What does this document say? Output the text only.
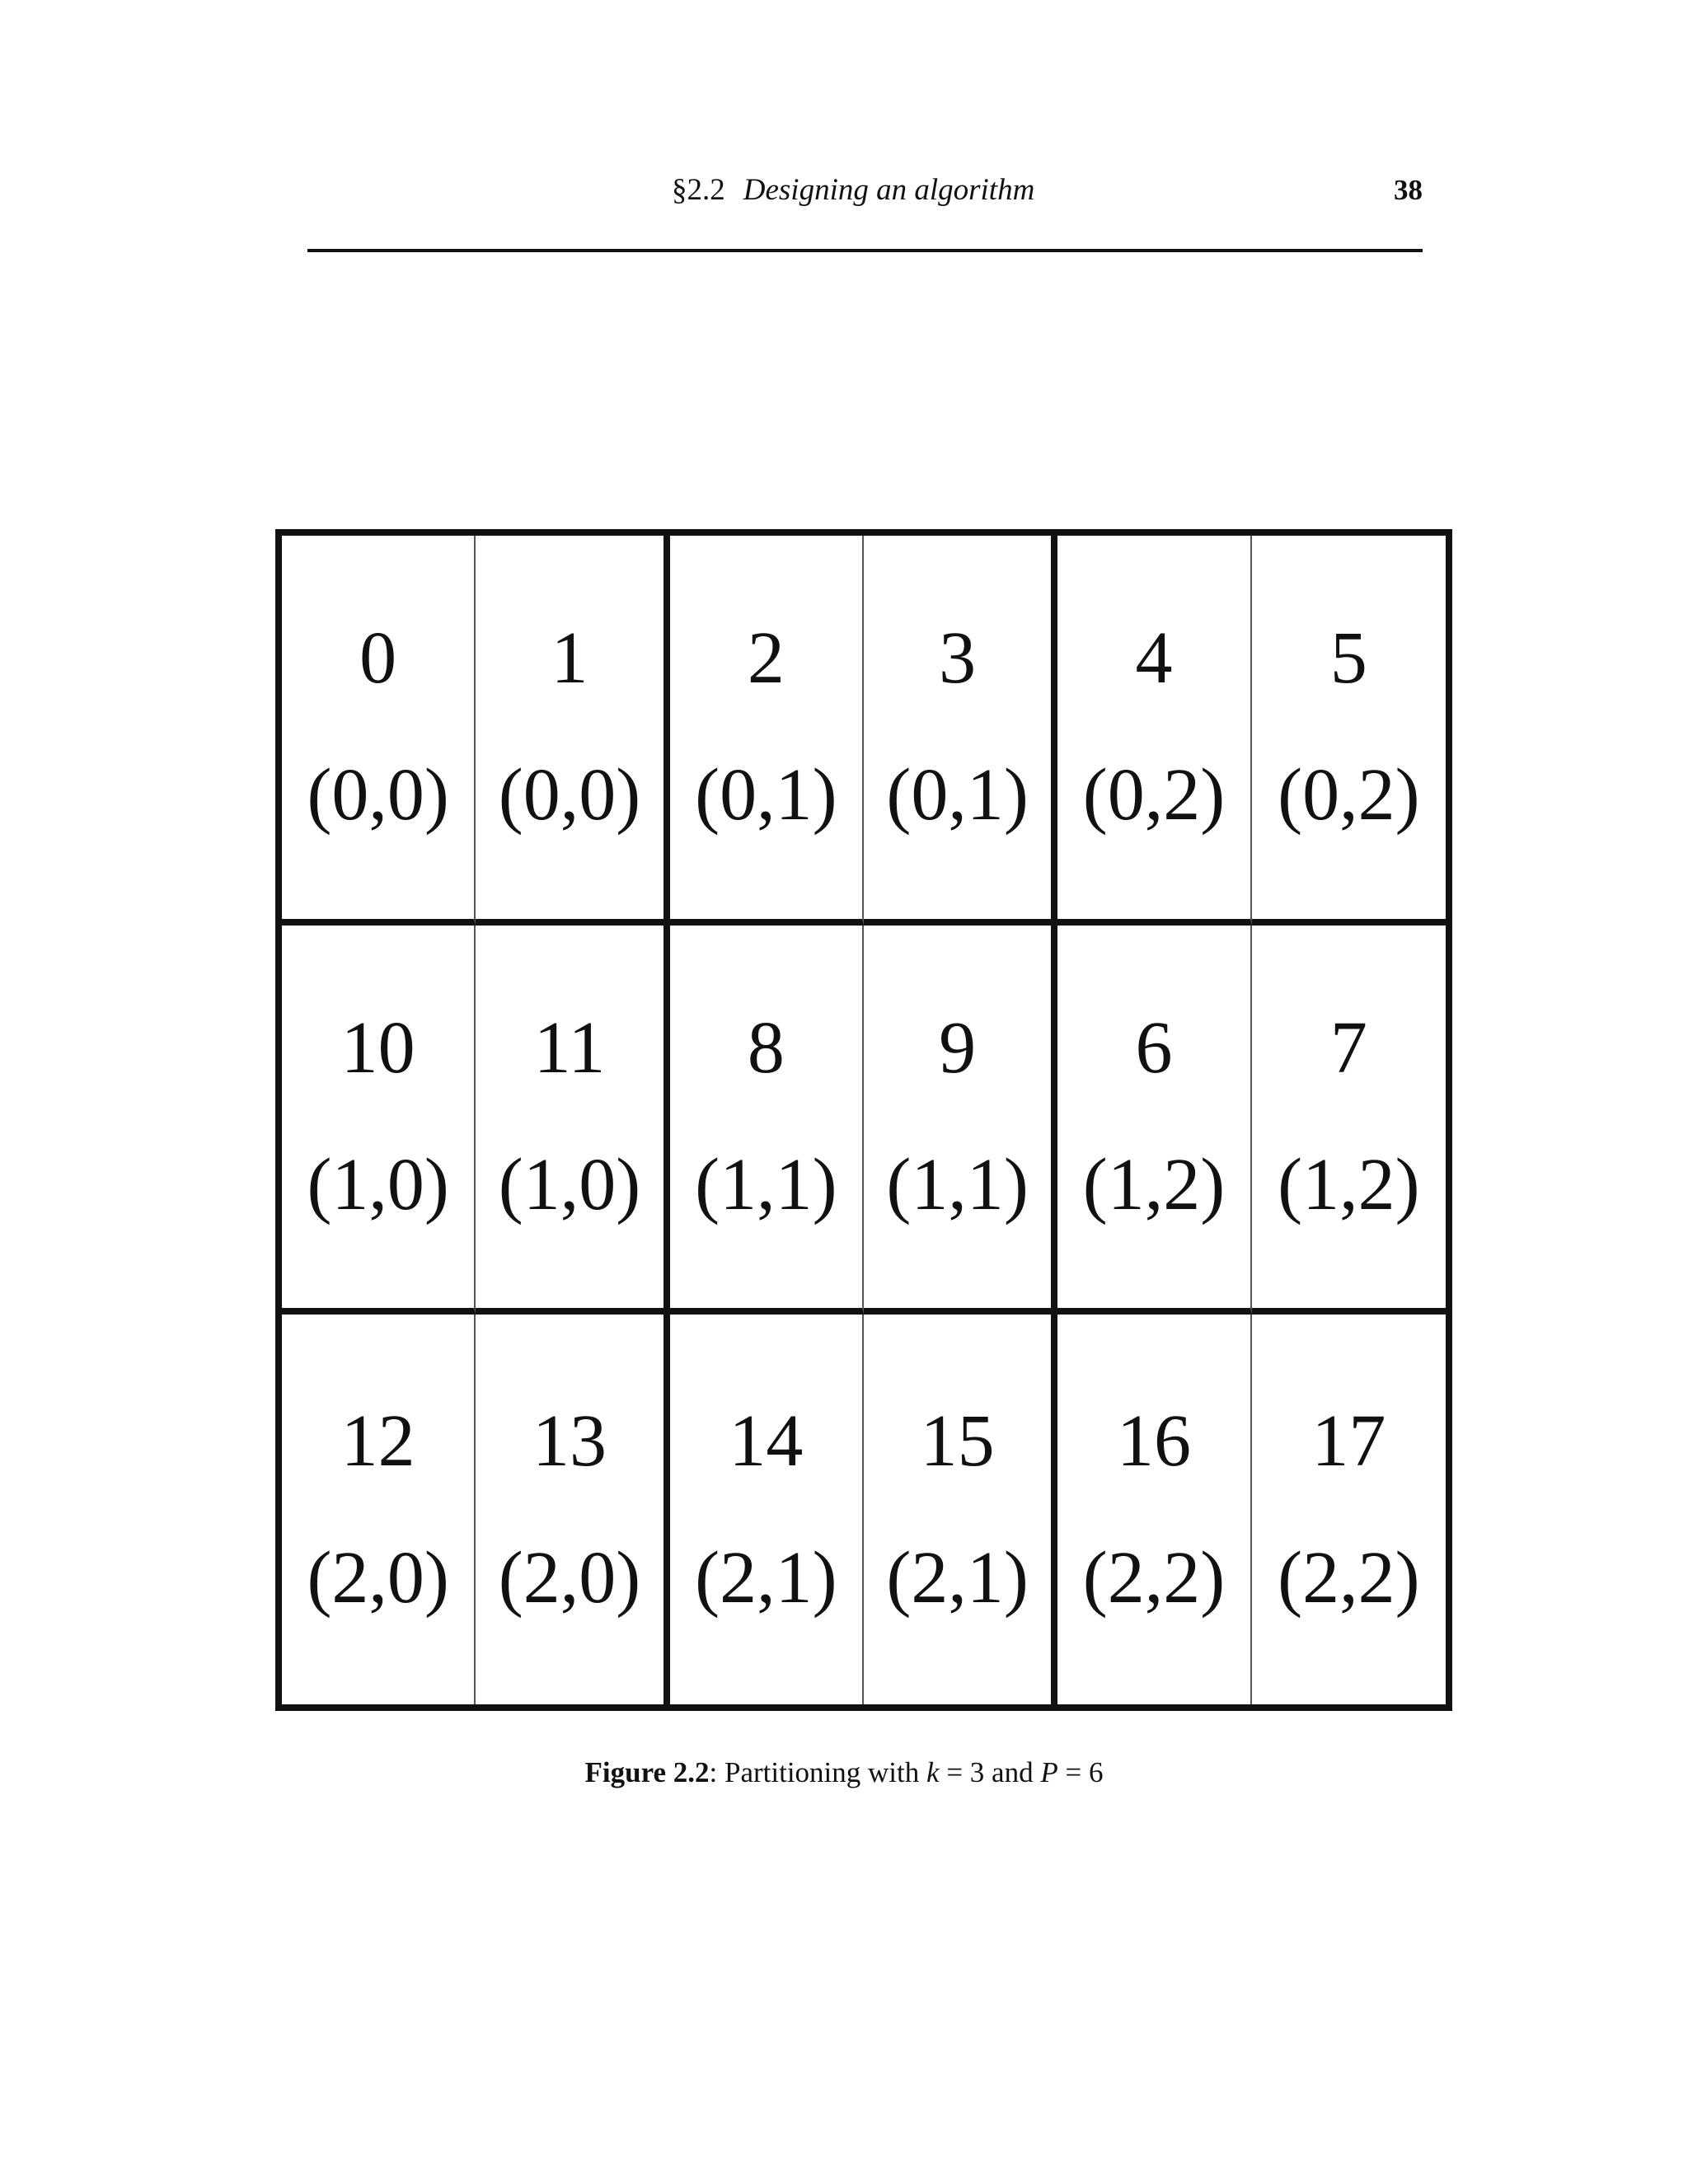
§2.2 Designing an algorithm	38
0
(0,0)
1
(0,0)
2
(0,1)
3
(0,1)
4
(0,2)
5
(0,2)
10
(1,0)
11
(1,0)
8
(1,1)
9
(1,1)
6
(1,2)
7
(1,2)
12
(2,0)
13
(2,0)
14
(2,1)
15
(2,1)
16
(2,2)
17
(2,2)
Figure 2.2: Partitioning with k = 3 and P = 6
